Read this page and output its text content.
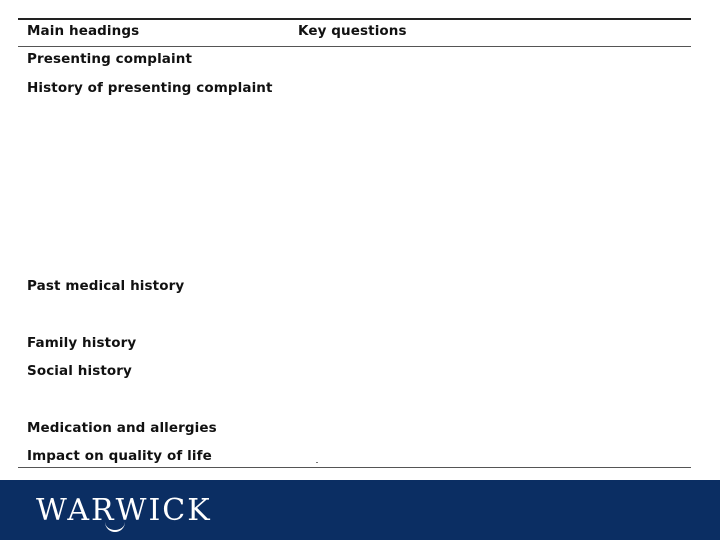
Main headings	Key questions
Presenting complaint
History of presenting complaint
Past medical history
Family history
Social history
Medication and allergies
Impact on quality of life
WARWICK
